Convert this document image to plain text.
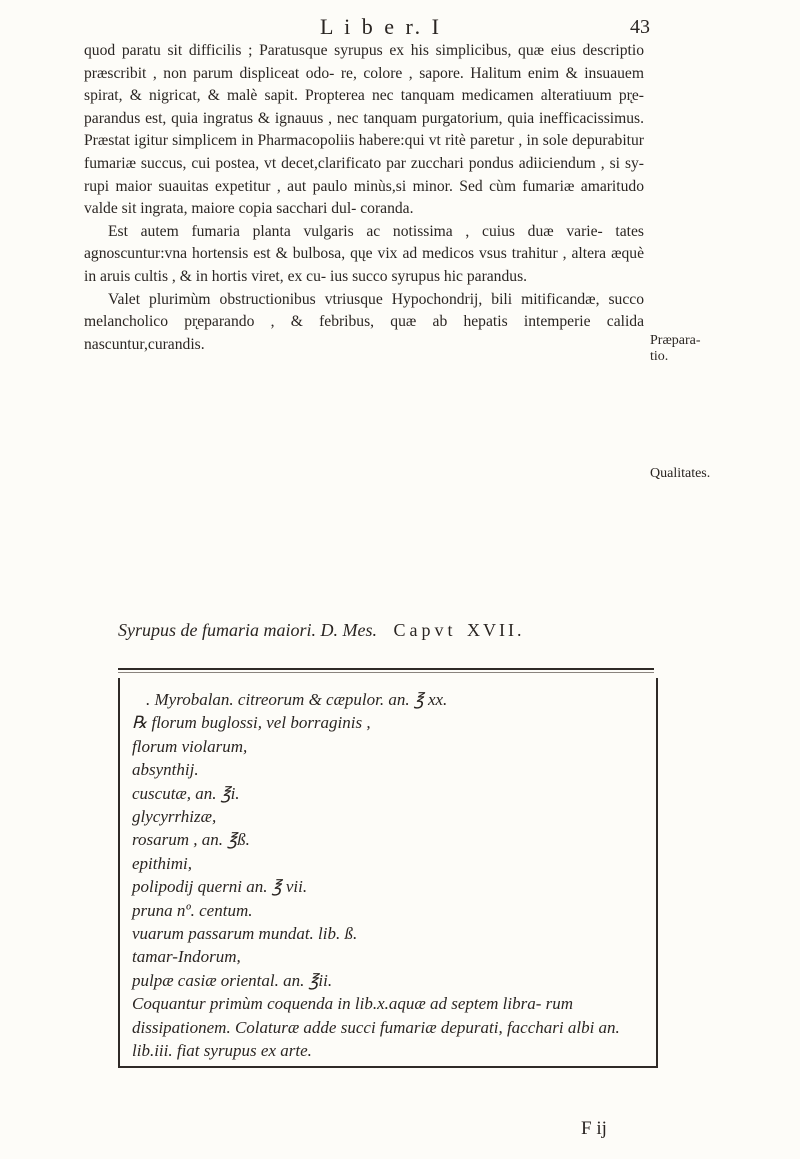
L i b e r. I	43

quod paratu sit difficilis ; Paratusque syrupus ex his simplicibus, quæ eius descriptio præscribit , non parum displiceat odo- re, colore , sapore. Halitum enim & insuauem spirat, & nigricat, & malè sapit. Propterea nec tanquam medicamen alteratiuum pr̨e- parandus est, quia ingratus & ignauus , nec tanquam purgatorium, quia inefficacissimus. Præstat igitur simplicem in Pharmacopoliis habere:qui vt ritè paretur , in sole depurabitur fumariæ succus, cui postea, vt decet,clarificato par zucchari pondus adiiciendum , si sy- rupi maior suauitas expetitur , aut paulo minùs,si minor. Sed cùm fumariæ amaritudo valde sit ingrata, maiore copia sacchari dul- coranda.

Est autem fumaria planta vulgaris ac notissima , cuius duæ varie- tates agnoscuntur:vna hortensis est & bulbosa, qųe vix ad medicos vsus trahitur , altera æquè in aruis cultis , & in hortis viret, ex cu- ius succo syrupus hic parandus.

Valet plurimùm obstructionibus vtriusque Hypochondrij, bili mitificandæ, succo melancholico pr̨eparando , & febribus, quæ ab hepatis intemperie calida nascuntur,curandis.	Præpara- tio.
Qualitates.
Syrupus de fumaria maiori. D. Mes. Capvt XVII.

. Myrobalan. citreorum & cæpulor. an. ℥ xx.

℞ florum buglossi, vel borraginis ,

florum violarum,

absynthij.

cuscutæ, an. ℥i.

glycyrrhizæ,

rosarum , an. ℥ß.

epithimi,

polipodij querni an. ℥ vii.

pruna nº. centum.

vuarum passarum mundat. lib. ß.

tamar-Indorum,

pulpæ casiæ oriental. an. ℥ii.

Coquantur primùm coquenda in lib.x.aquæ ad septem libra- rum dissipationem. Colaturæ adde succi fumariæ depurati, facchari albi an. lib.iii. fiat syrupus ex arte.

F ij
